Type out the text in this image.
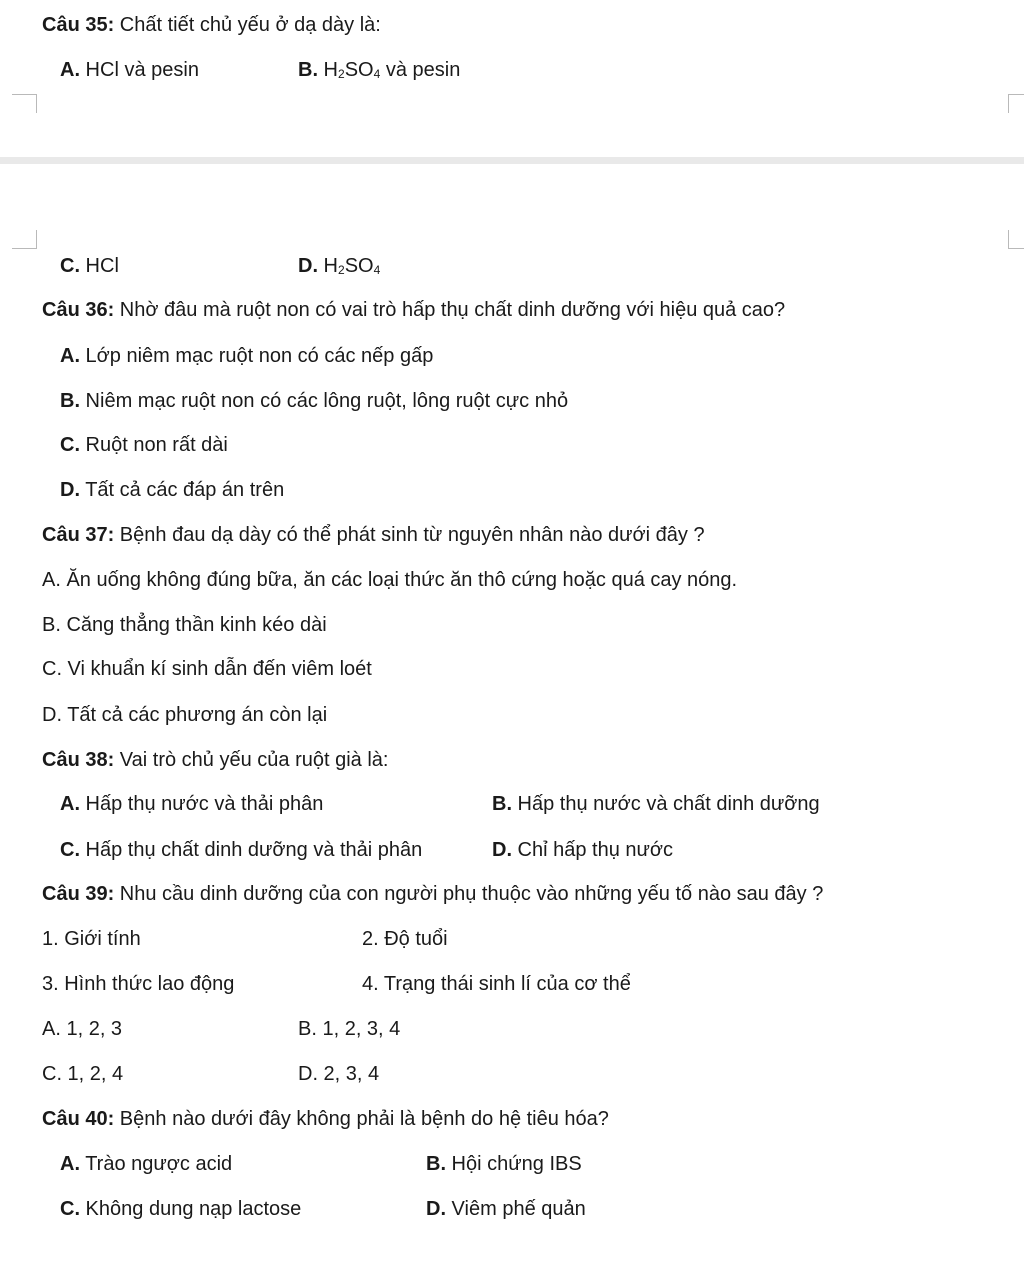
Câu 35: Chất tiết chủ yếu ở dạ dày là:
A. HCl và pesin	B. H2SO4 và pesin
C. HCl	D. H2SO4
Câu 36: Nhờ đâu mà ruột non có vai trò hấp thụ chất dinh dưỡng với hiệu quả cao?
A. Lớp niêm mạc ruột non có các nếp gấp
B. Niêm mạc ruột non có các lông ruột, lông ruột cực nhỏ
C. Ruột non rất dài
D. Tất cả các đáp án trên
Câu 37: Bệnh đau dạ dày có thể phát sinh từ nguyên nhân nào dưới đây ?
A. Ăn uống không đúng bữa, ăn các loại thức ăn thô cứng hoặc quá cay nóng.
B. Căng thẳng thần kinh kéo dài
C. Vi khuẩn kí sinh dẫn đến viêm loét
D. Tất cả các phương án còn lại
Câu 38: Vai trò chủ yếu của ruột già là:
A. Hấp thụ nước và thải phân	B. Hấp thụ nước và chất dinh dưỡng
C. Hấp thụ chất dinh dưỡng và thải phân	D. Chỉ hấp thụ nước
Câu 39: Nhu cầu dinh dưỡng của con người phụ thuộc vào những yếu tố nào sau đây ?
1. Giới tính	2. Độ tuổi
3. Hình thức lao động	4. Trạng thái sinh lí của cơ thể
A. 1, 2, 3	B. 1, 2, 3, 4
C. 1, 2, 4	D. 2, 3, 4
Câu 40: Bệnh nào dưới đây không phải là bệnh do hệ tiêu hóa?
A. Trào ngược acid	B. Hội chứng IBS
C. Không dung nạp lactose	D. Viêm phế quản
